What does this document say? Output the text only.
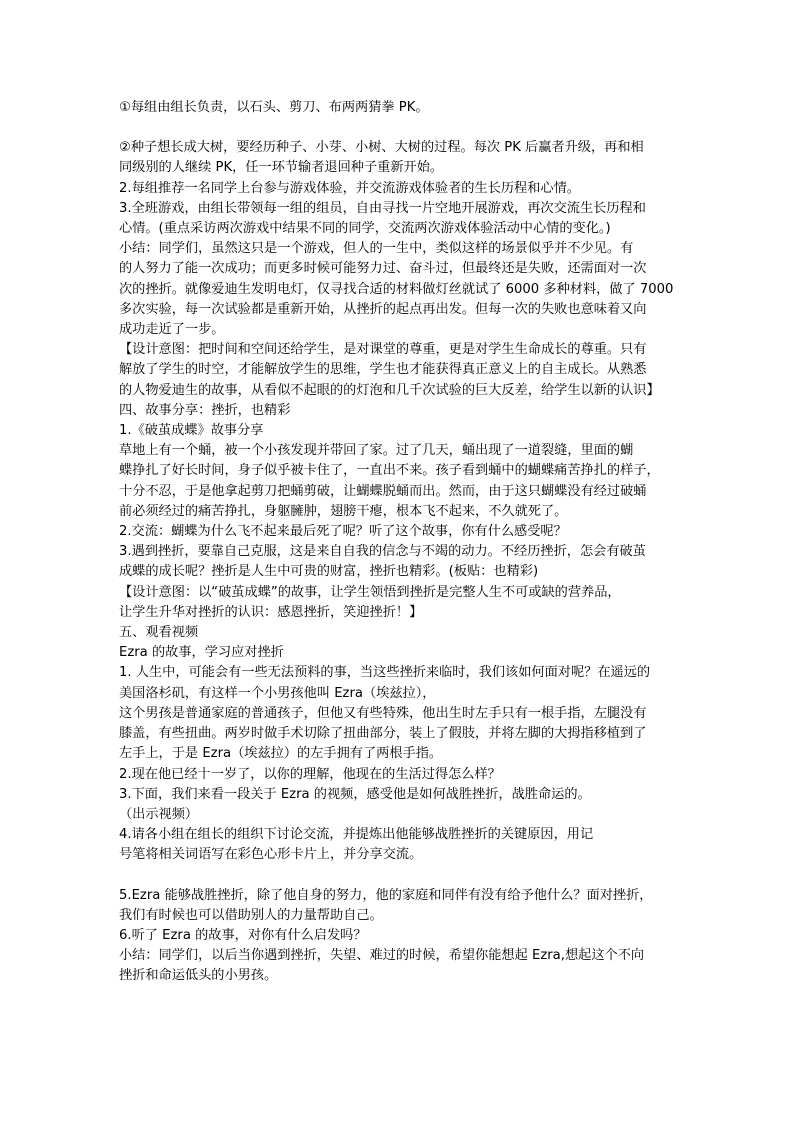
①每组由组长负责，以石头、剪刀、布两两猜拳 PK。
②种子想长成大树，要经历种子、小芽、小树、大树的过程。每次 PK 后赢者升级，再和相
同级别的人继续 PK，任一环节输者退回种子重新开始。
2.每组推荐一名同学上台参与游戏体验，并交流游戏体验者的生长历程和心情。
3.全班游戏，由组长带领每一组的组员，自由寻找一片空地开展游戏，再次交流生长历程和
心情。(重点采访两次游戏中结果不同的同学，交流两次游戏体验活动中心情的变化。)
小结：同学们，虽然这只是一个游戏，但人的一生中，类似这样的场景似乎并不少见。有
的人努力了能一次成功；而更多时候可能努力过、奋斗过，但最终还是失败，还需面对一次
次的挫折。就像爱迪生发明电灯，仅寻找合适的材料做灯丝就试了 6000 多种材料，做了 7000
多次实验，每一次试验都是重新开始，从挫折的起点再出发。但每一次的失败也意味着又向
成功走近了一步。
【设计意图：把时间和空间还给学生，是对课堂的尊重，更是对学生生命成长的尊重。只有
解放了学生的时空，才能解放学生的思维，学生也才能获得真正意义上的自主成长。从熟悉
的人物爱迪生的故事，从看似不起眼的的灯泡和几千次试验的巨大反差，给学生以新的认识】
四、故事分享：挫折，也精彩
1.《破茧成蝶》故事分享
草地上有一个蛹，被一个小孩发现并带回了家。过了几天，蛹出现了一道裂缝，里面的蝴
蝶挣扎了好长时间，身子似乎被卡住了，一直出不来。孩子看到蛹中的蝴蝶痛苦挣扎的样子，
十分不忍，于是他拿起剪刀把蛹剪破，让蝴蝶脱蛹而出。然而，由于这只蝴蝶没有经过破蛹
前必须经过的痛苦挣扎，身躯臃肿，翅膀干瘪，根本飞不起来，不久就死了。
2.交流：蝴蝶为什么飞不起来最后死了呢？听了这个故事，你有什么感受呢？
3.遇到挫折，要靠自己克服，这是来自自我的信念与不竭的动力。不经历挫折，怎会有破茧
成蝶的成长呢？挫折是人生中可贵的财富，挫折也精彩。(板贴：也精彩)
【设计意图：以“破茧成蝶”的故事，让学生领悟到挫折是完整人生不可或缺的营养品，
让学生升华对挫折的认识：感恩挫折，笑迎挫折！】
五、观看视频
Ezra 的故事，学习应对挫折
1. 人生中，可能会有一些无法预料的事，当这些挫折来临时，我们该如何面对呢？在遥远的
美国洛杉矶，有这样一个小男孩他叫 Ezra（埃兹拉），
这个男孩是普通家庭的普通孩子，但他又有些特殊，他出生时左手只有一根手指，左腿没有
膝盖，有些扭曲。两岁时做手术切除了扭曲部分，装上了假肢，并将左脚的大拇指移植到了
左手上，于是 Ezra（埃兹拉）的左手拥有了两根手指。
2.现在他已经十一岁了，以你的理解，他现在的生活过得怎么样？
3.下面，我们来看一段关于 Ezra 的视频，感受他是如何战胜挫折，战胜命运的。
（出示视频）
4.请各小组在组长的组织下讨论交流，并提炼出他能够战胜挫折的关键原因，用记
号笔将相关词语写在彩色心形卡片上，并分享交流。
5.Ezra 能够战胜挫折，除了他自身的努力，他的家庭和同伴有没有给予他什么？面对挫折，
我们有时候也可以借助别人的力量帮助自己。
6.听了 Ezra 的故事，对你有什么启发吗？
小结：同学们，以后当你遇到挫折，失望、难过的时候，希望你能想起 Ezra,想起这个不向
挫折和命运低头的小男孩。
